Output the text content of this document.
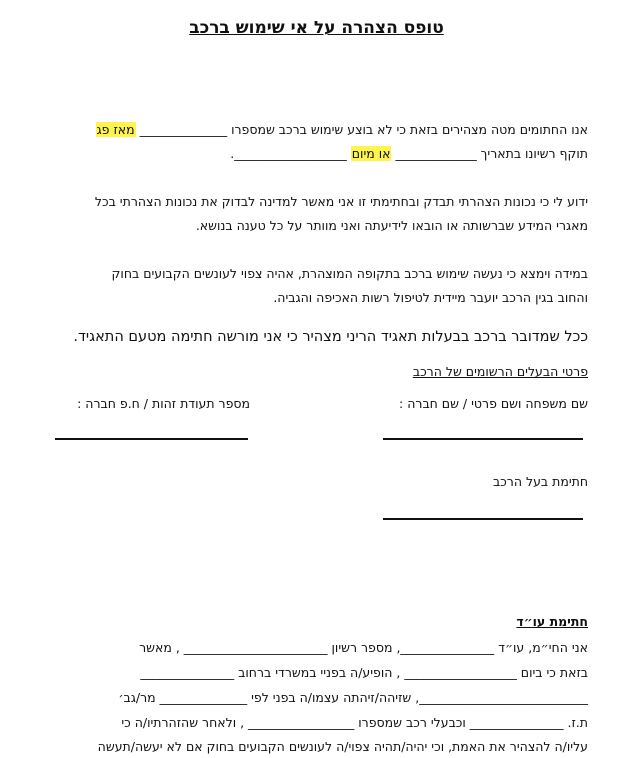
טופס הצהרה על אי שימוש ברכב
אנו החתומים מטה מצהירים בזאת כי לא בוצע שימוש ברכב שמספרו ______________ מאז פג
תוקף רשיונו בתאריך _____________ או מיום __________________.
ידוע לי כי נכונות הצהרתי תבדק ובחתימתי זו אני מאשר למדינה לבדוק את נכונות הצהרתי בכל
מאגרי המידע שברשותה או הובאו לידיעתה ואני מוותר על כל טענה בנושא.
במידה וימצא כי נעשה שימוש ברכב בתקופה המוצהרת, אהיה צפוי לעונשים הקבועים בחוק
והחוב בגין הרכב יועבר מיידית לטיפול רשות האכיפה והגביה.
ככל שמדובר ברכב בבעלות תאגיד הריני מצהיר כי אני מורשה חתימה מטעם התאגיד.
פרטי הבעלים הרשומים של הרכב
שם משפחה ושם פרטי / שם חברה :
מספר תעודת זהות / ח.פ חברה :
חתימת בעל הרכב
חתימת עו״ד
אני החי״מ, עו״ד _______________, מספר רשיון _______________________ , מאשר
בזאת כי ביום __________________ , הופיע/ה בפניי במשרדי ברחוב _______________
___________________________, שזיהה/זיהתה עצמו/ה בפני לפי ______________ מר/גב׳
ת.ז. _______________ וכבעלי רכב שמספרו _________________ , ולאחר שהזהרתיו/ה כי
עליו/ה להצהיר את האמת, וכי יהיה/תהיה צפוי/ה לעונשים הקבועים בחוק אם לא יעשה/תעשה
